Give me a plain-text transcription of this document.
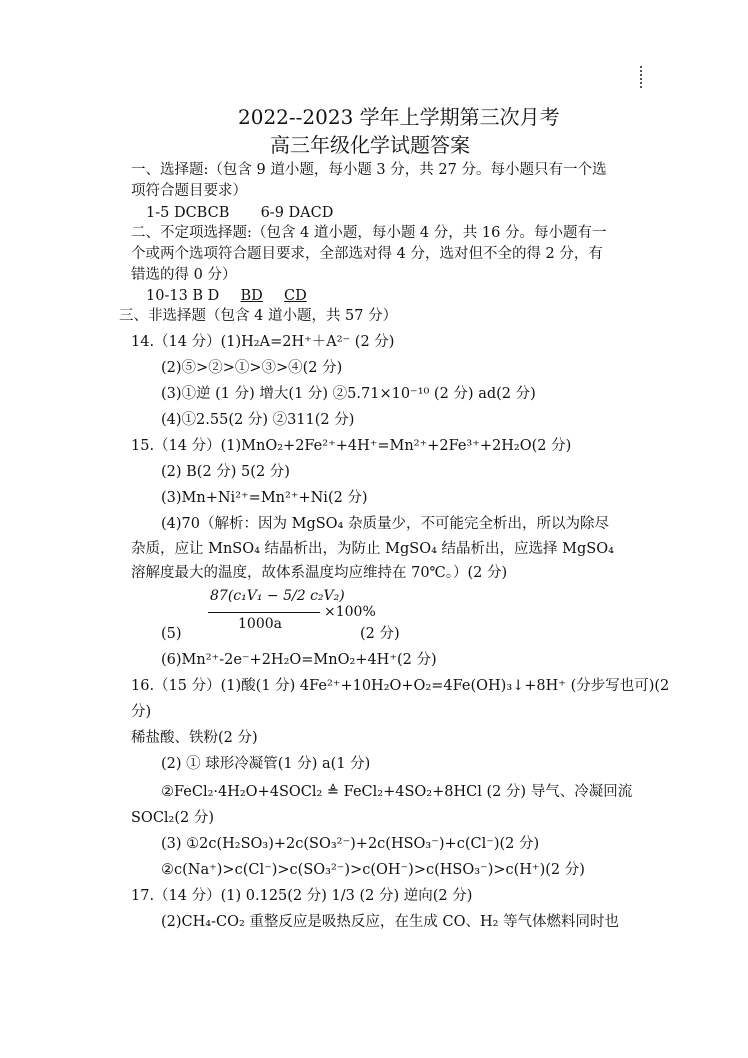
2022--2023 学年上学期第三次月考
高三年级化学试题答案
一、选择题:（包含 9 道小题，每小题 3 分，共 27 分。每小题只有一个选
项符合题目要求）
1-5 DCBCB 6-9 DACD
二、不定项选择题:（包含 4 道小题，每小题 4 分，共 16 分。每小题有一
个或两个选项符合题目要求，全部选对得 4 分，选对但不全的得 2 分，有
错选的得 0 分）
10-13 B D BD CD
三、非选择题（包含 4 道小题，共 57 分）
14.（14 分）(1)H₂A=2H⁺＋A²⁻ (2 分)
(2)⑤>②>①>③>④(2 分)
(3)①逆 (1 分) 增大(1 分) ②5.71×10⁻¹⁰ (2 分) ad(2 分)
(4)①2.55(2 分) ②311(2 分)
15.（14 分）(1)MnO₂+2Fe²⁺+4H⁺=Mn²⁺+2Fe³⁺+2H₂O(2 分)
(2) B(2 分) 5(2 分)
(3)Mn+Ni²⁺=Mn²⁺+Ni(2 分)
(4)70（解析：因为 MgSO₄ 杂质量少，不可能完全析出，所以为除尽
杂质，应让 MnSO₄ 结晶析出，为防止 MgSO₄ 结晶析出，应选择 MgSO₄
溶解度最大的温度，故体系温度均应维持在 70℃。）(2 分)
87(c₁V₁ − 5/2 c₂V₂)
1000a
×100%
(5)	(2 分)
(6)Mn²⁺-2e⁻+2H₂O=MnO₂+4H⁺(2 分)
16.（15 分）(1)酸(1 分) 4Fe²⁺+10H₂O+O₂=4Fe(OH)₃↓+8H⁺ (分步写也可)(2
分)
稀盐酸、铁粉(2 分)
(2) ① 球形冷凝管(1 分) a(1 分)
②FeCl₂·4H₂O+4SOCl₂ ≜ FeCl₂+4SO₂+8HCl (2 分) 导气、冷凝回流
SOCl₂(2 分)
(3) ①2c(H₂SO₃)+2c(SO₃²⁻)+2c(HSO₃⁻)+c(Cl⁻)(2 分)
②c(Na⁺)>c(Cl⁻)>c(SO₃²⁻)>c(OH⁻)>c(HSO₃⁻)>c(H⁺)(2 分)
17.（14 分）(1) 0.125(2 分) 1/3 (2 分) 逆向(2 分)
(2)CH₄-CO₂ 重整反应是吸热反应，在生成 CO、H₂ 等气体燃料同时也
